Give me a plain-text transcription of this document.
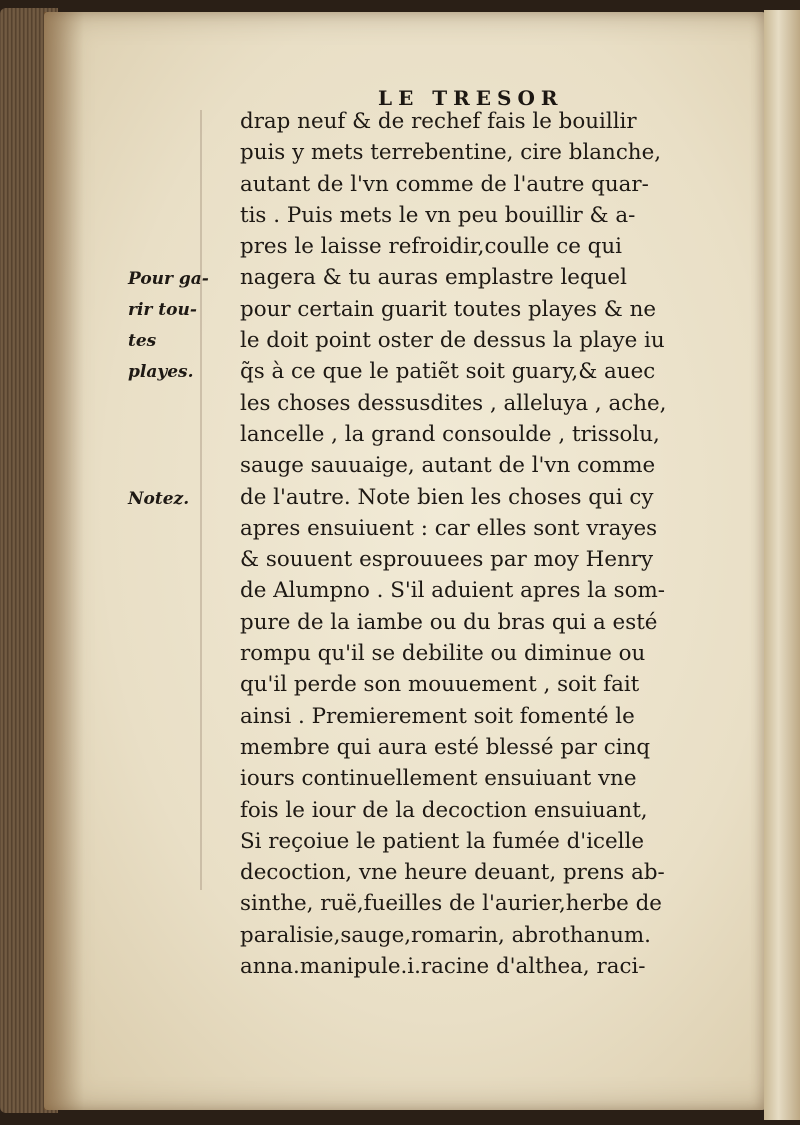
LE TRESOR
drap neuf & de rechef fais le bouillir
puis y mets terrebentine, cire blanche,
autant de l'vn comme de l'autre quar-
tis . Puis mets le vn peu bouillir & a-
pres le laisse refroidir,coulle ce qui
nagera & tu auras emplastre lequel
pour certain guarit toutes playes & ne
le doit point oster de dessus la playe iu
q̃s à ce que le patiẽt soit guary,& auec
les choses dessusdites , alleluya , ache,
lancelle , la grand consoulde , trissolu,
sauge sauuaige, autant de l'vn comme
de l'autre. Note bien les choses qui cy
apres ensuiuent : car elles sont vrayes
& souuent esprouuees par moy Henry
de Alumpno . S'il aduient apres la som-
pure de la iambe ou du bras qui a esté
rompu qu'il se debilite ou diminue ou
qu'il perde son mouuement , soit fait
ainsi . Premierement soit fomenté le
membre qui aura esté blessé par cinq
iours continuellement ensuiuant vne
fois le iour de la decoction ensuiuant,
Si reçoiue le patient la fumée d'icelle
decoction, vne heure deuant, prens ab-
sinthe, ruë,fueilles de l'aurier,herbe de
paralisie,sauge,romarin, abrothanum.
anna.manipule.i.racine d'althea, raci-
Pour ga-
rir tou-
tes
playes.
Notez.
